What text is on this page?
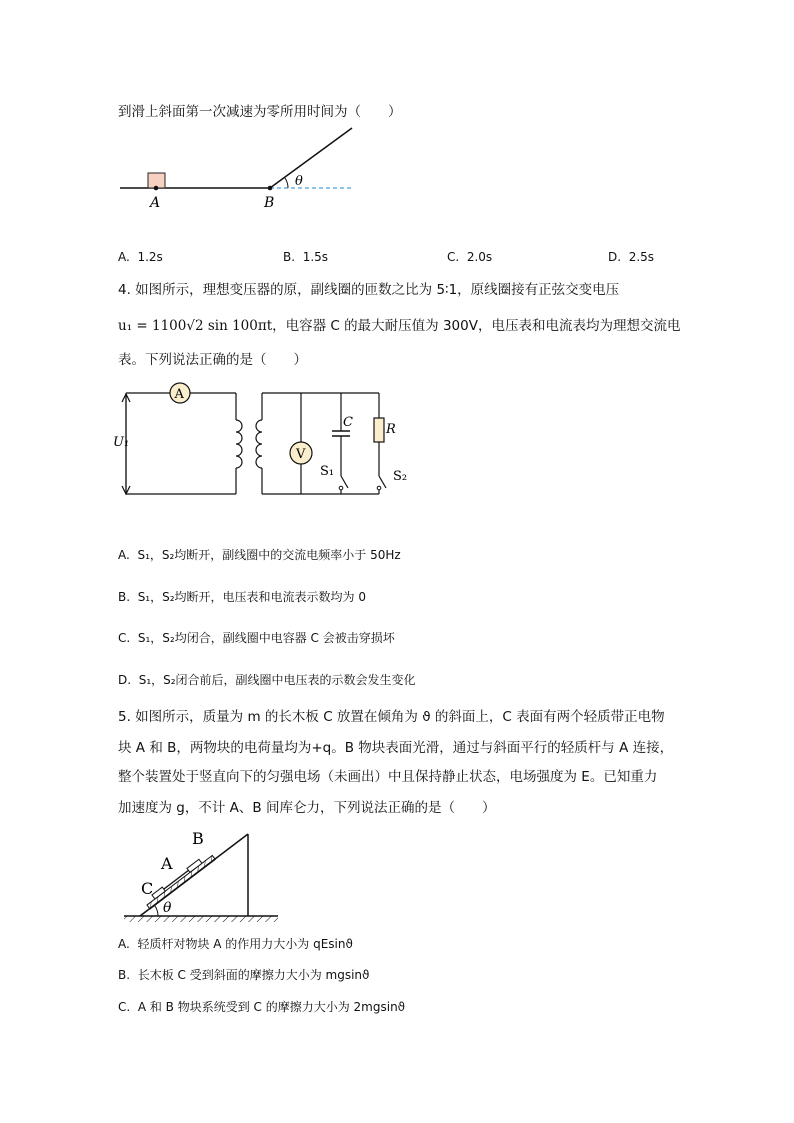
到滑上斜面第一次减速为零所用时间为（　　）
A	B
θ
A. 1.2s	B. 1.5s	C. 2.0s	D. 2.5s
4. 如图所示，理想变压器的原，副线圈的匝数之比为 5∶1，原线圈接有正弦交变电压
u₁ = 1100√2 sin 100πt，电容器 C 的最大耐压值为 300V，电压表和电流表均为理想交流电
表。下列说法正确的是（　　）
A
V
U₁
C	R
S₁	S₂
A. S₁，S₂均断开，副线圈中的交流电频率小于 50Hz
B. S₁，S₂均断开，电压表和电流表示数均为 0
C. S₁，S₂均闭合，副线圈中电容器 C 会被击穿损坏
D. S₁，S₂闭合前后，副线圈中电压表的示数会发生变化
5. 如图所示，质量为 m 的长木板 C 放置在倾角为 ϑ 的斜面上，C 表面有两个轻质带正电物
块 A 和 B，两物块的电荷量均为+q。B 物块表面光滑，通过与斜面平行的轻质杆与 A 连接，
整个装置处于竖直向下的匀强电场（未画出）中且保持静止状态，电场强度为 E。已知重力
加速度为 g，不计 A、B 间库仑力，下列说法正确的是（　　）
θ
B
A
C
A. 轻质杆对物块 A 的作用力大小为 qEsinϑ
B. 长木板 C 受到斜面的摩擦力大小为 mgsinϑ
C. A 和 B 物块系统受到 C 的摩擦力大小为 2mgsinϑ
